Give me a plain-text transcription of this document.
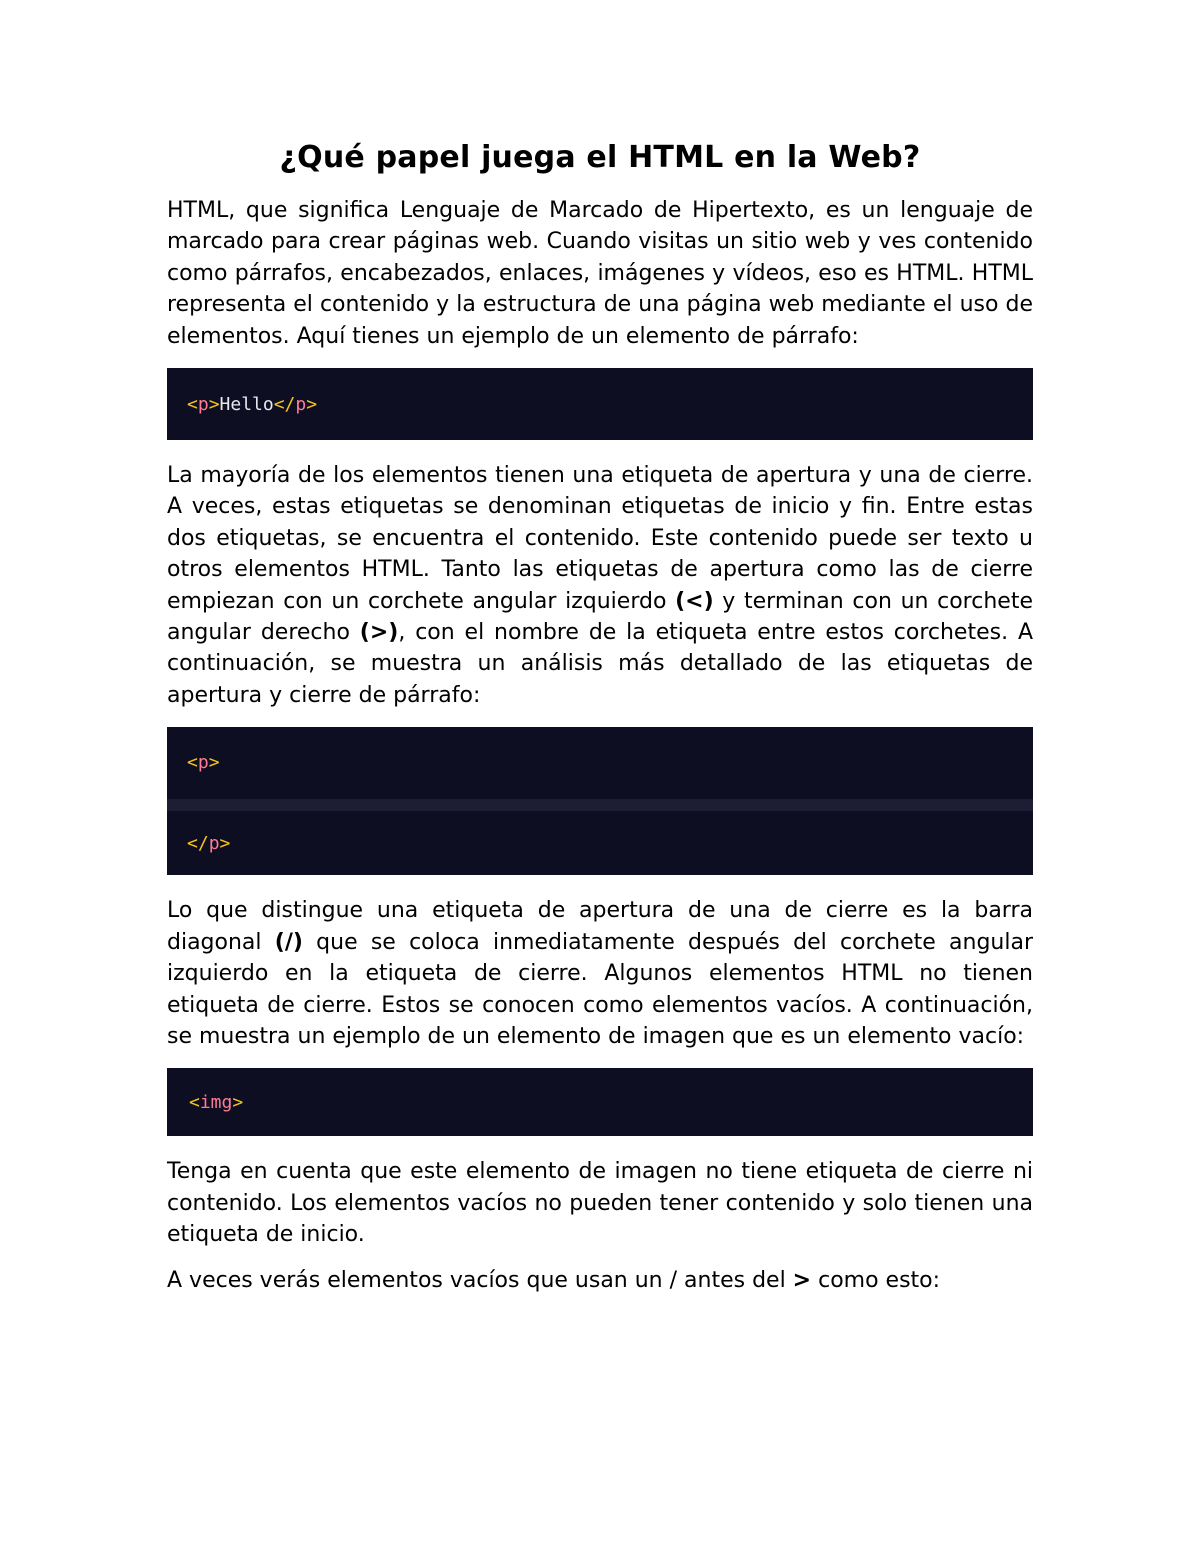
¿Qué papel juega el HTML en la Web?

HTML, que significa Lenguaje de Marcado de Hipertexto, es un lenguaje de marcado para crear páginas web. Cuando visitas un sitio web y ves contenido como párrafos, encabezados, enlaces, imágenes y vídeos, eso es HTML. HTML representa el contenido y la estructura de una página web mediante el uso de elementos. Aquí tienes un ejemplo de un elemento de párrafo:

<p>Hello</p>

La mayoría de los elementos tienen una etiqueta de apertura y una de cierre. A veces, estas etiquetas se denominan etiquetas de inicio y fin. Entre estas dos etiquetas, se encuentra el contenido. Este contenido puede ser texto u otros elementos HTML. Tanto las etiquetas de apertura como las de cierre empiezan con un corchete angular izquierdo (<) y terminan con un corchete angular derecho (>), con el nombre de la etiqueta entre estos corchetes. A continuación, se muestra un análisis más detallado de las etiquetas de apertura y cierre de párrafo:

<p>
</p>

Lo que distingue una etiqueta de apertura de una de cierre es la barra diagonal (/) que se coloca inmediatamente después del corchete angular izquierdo en la etiqueta de cierre. Algunos elementos HTML no tienen etiqueta de cierre. Estos se conocen como elementos vacíos. A continuación, se muestra un ejemplo de un elemento de imagen que es un elemento vacío:

<img>

Tenga en cuenta que este elemento de imagen no tiene etiqueta de cierre ni contenido. Los elementos vacíos no pueden tener contenido y solo tienen una etiqueta de inicio.

A veces verás elementos vacíos que usan un / antes del > como esto:
